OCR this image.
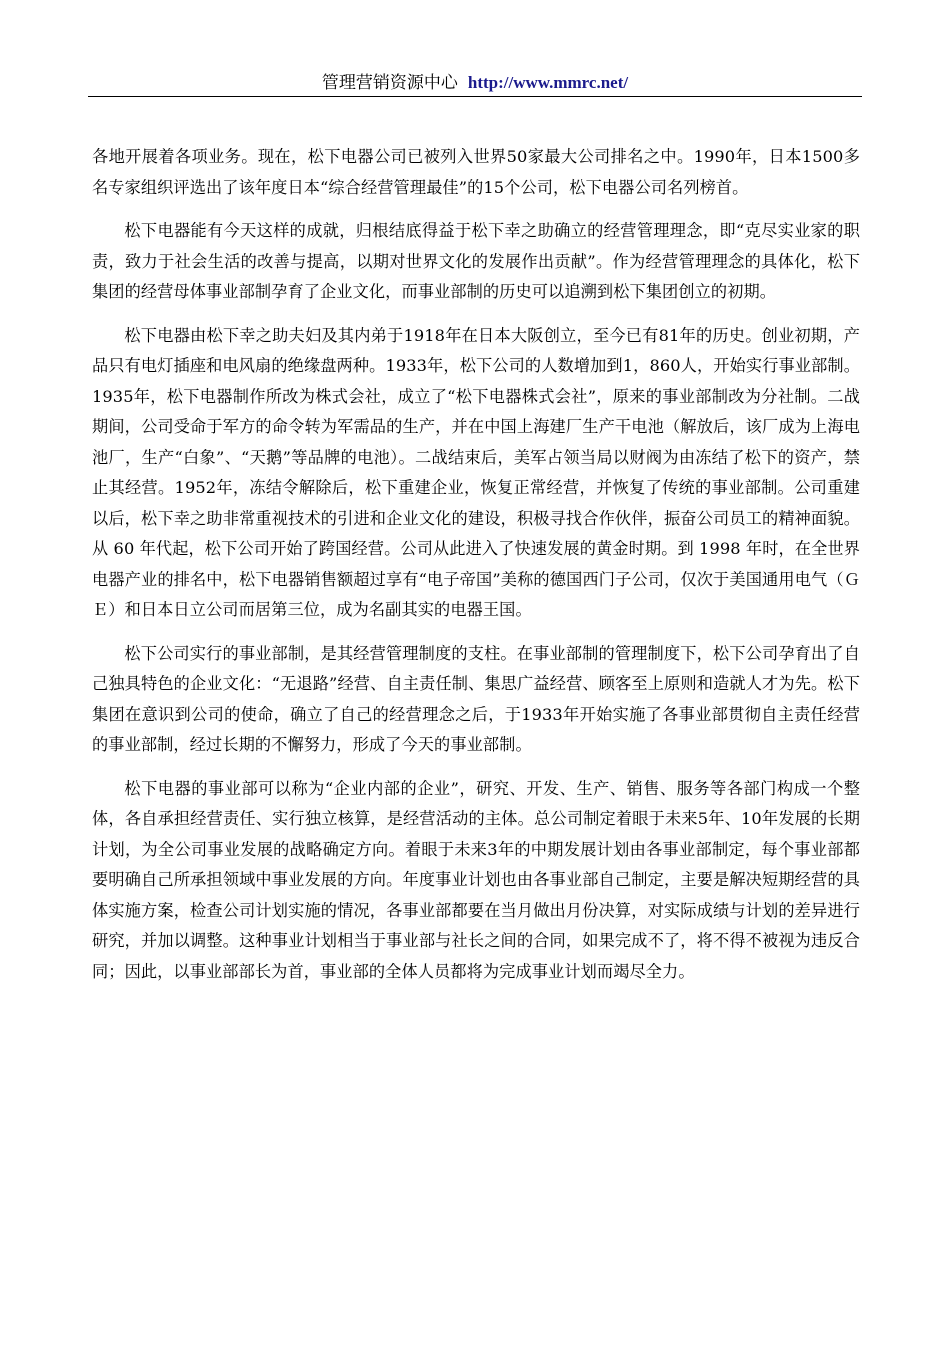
管理营销资源中心 http://www.mmrc.net/

各地开展着各项业务。现在，松下电器公司已被列入世界50家最大公司排名之中。1990年，日本1500多名专家组织评选出了该年度日本“综合经营管理最佳”的15个公司，松下电器公司名列榜首。

松下电器能有今天这样的成就，归根结底得益于松下幸之助确立的经营管理理念，即“克尽实业家的职责，致力于社会生活的改善与提高，以期对世界文化的发展作出贡献”。作为经营管理理念的具体化，松下集团的经营母体事业部制孕育了企业文化，而事业部制的历史可以追溯到松下集团创立的初期。

松下电器由松下幸之助夫妇及其内弟于1918年在日本大阪创立，至今已有81年的历史。创业初期，产品只有电灯插座和电风扇的绝缘盘两种。1933年，松下公司的人数增加到1，860人，开始实行事业部制。1935年，松下电器制作所改为株式会社，成立了“松下电器株式会社”，原来的事业部制改为分社制。二战期间，公司受命于军方的命令转为军需品的生产，并在中国上海建厂生产干电池（解放后，该厂成为上海电池厂，生产“白象”、“天鹅”等品牌的电池）。二战结束后，美军占领当局以财阀为由冻结了松下的资产，禁止其经营。1952年，冻结令解除后，松下重建企业，恢复正常经营，并恢复了传统的事业部制。公司重建以后，松下幸之助非常重视技术的引进和企业文化的建设，积极寻找合作伙伴，振奋公司员工的精神面貌。从 60 年代起，松下公司开始了跨国经营。公司从此进入了快速发展的黄金时期。到 1998 年时，在全世界电器产业的排名中，松下电器销售额超过享有“电子帝国”美称的德国西门子公司，仅次于美国通用电气（ＧＥ）和日本日立公司而居第三位，成为名副其实的电器王国。

松下公司实行的事业部制，是其经营管理制度的支柱。在事业部制的管理制度下，松下公司孕育出了自己独具特色的企业文化：“无退路”经营、自主责任制、集思广益经营、顾客至上原则和造就人才为先。松下集团在意识到公司的使命，确立了自己的经营理念之后，于1933年开始实施了各事业部贯彻自主责任经营的事业部制，经过长期的不懈努力，形成了今天的事业部制。

松下电器的事业部可以称为“企业内部的企业”，研究、开发、生产、销售、服务等各部门构成一个整体，各自承担经营责任、实行独立核算，是经营活动的主体。总公司制定着眼于未来5年、10年发展的长期计划，为全公司事业发展的战略确定方向。着眼于未来3年的中期发展计划由各事业部制定，每个事业部都要明确自己所承担领域中事业发展的方向。年度事业计划也由各事业部自己制定，主要是解决短期经营的具体实施方案，检查公司计划实施的情况，各事业部都要在当月做出月份决算，对实际成绩与计划的差异进行研究，并加以调整。这种事业计划相当于事业部与社长之间的合同，如果完成不了，将不得不被视为违反合同；因此，以事业部部长为首，事业部的全体人员都将为完成事业计划而竭尽全力。
